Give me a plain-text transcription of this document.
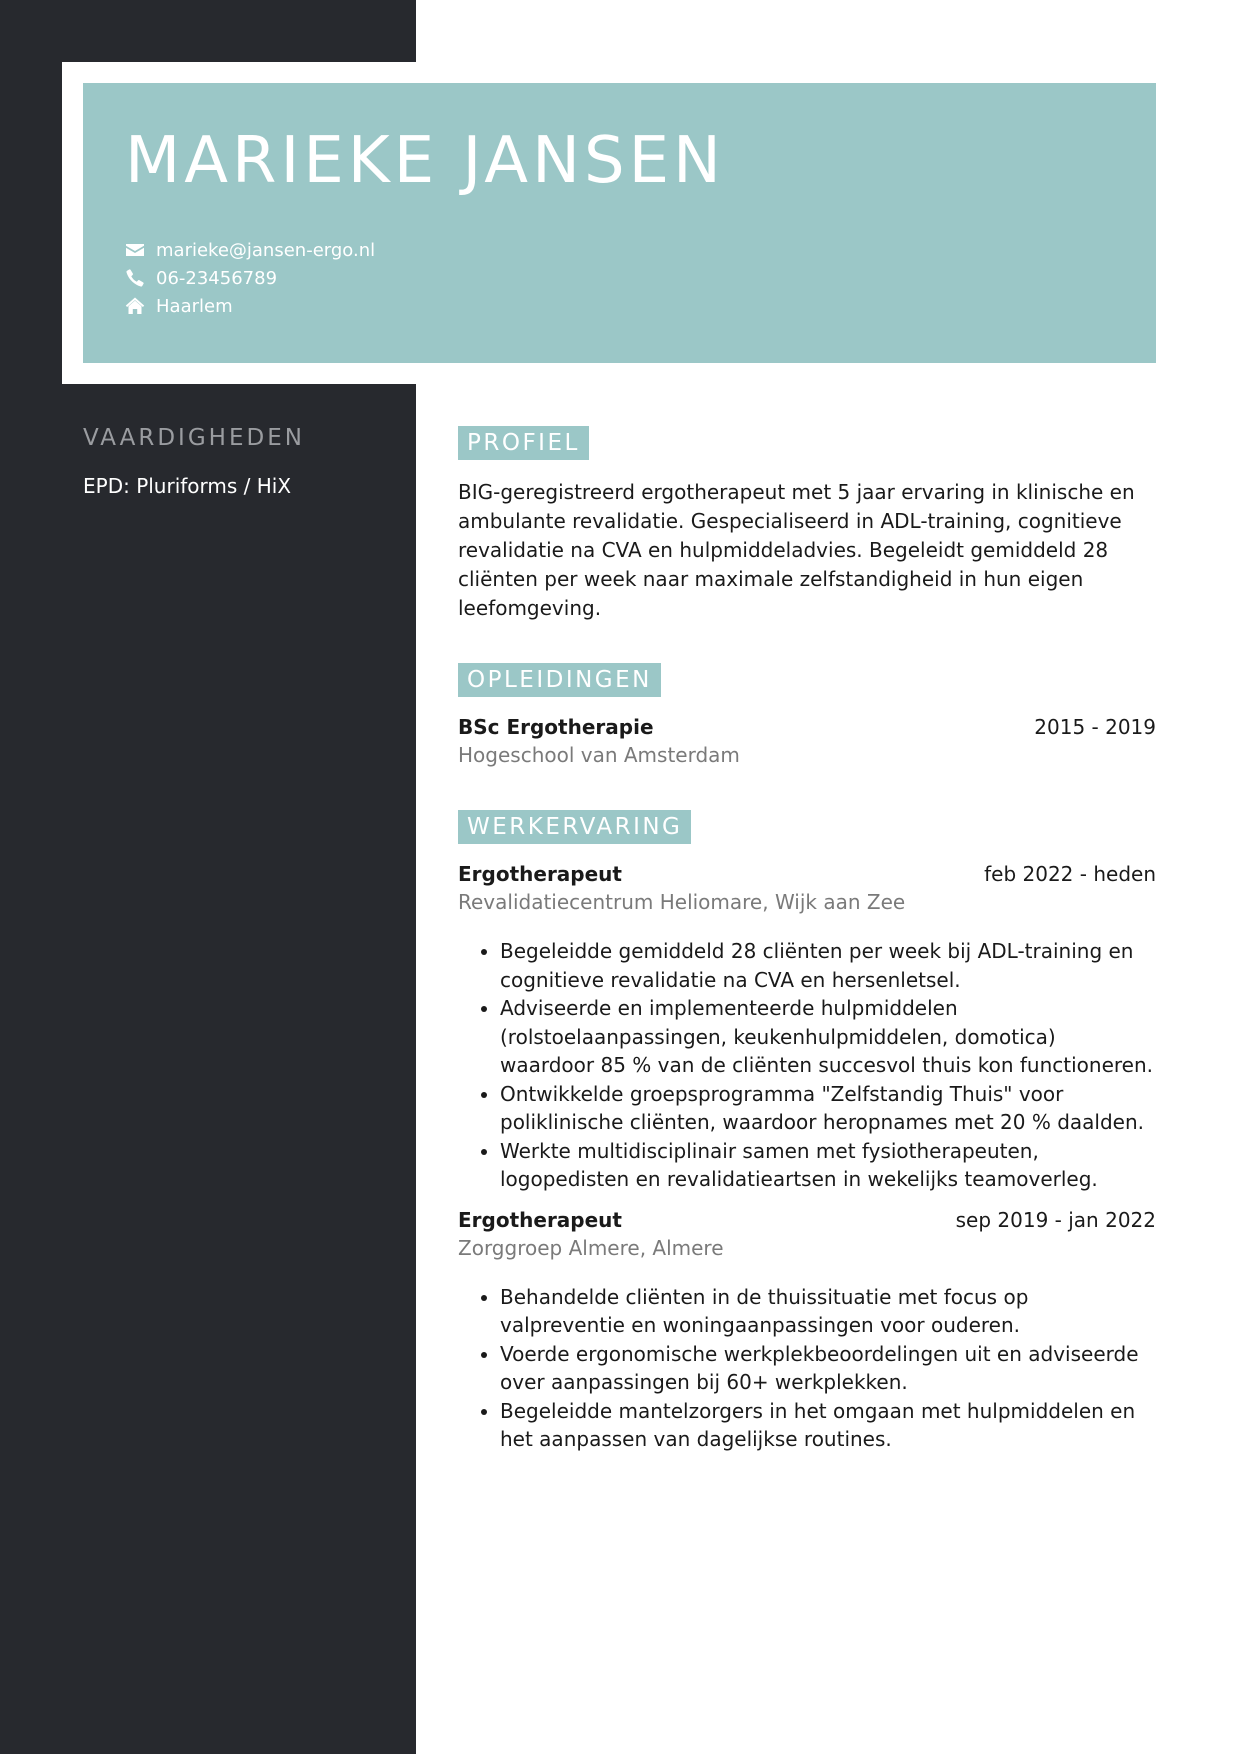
MARIEKE JANSEN
marieke@jansen-ergo.nl
06-23456789
Haarlem
VAARDIGHEDEN
EPD: Pluriforms / HiX
PROFIEL
BIG-geregistreerd ergotherapeut met 5 jaar ervaring in klinische en ambulante revalidatie. Gespecialiseerd in ADL-training, cognitieve revalidatie na CVA en hulpmiddeladvies. Begeleidt gemiddeld 28 cliënten per week naar maximale zelfstandigheid in hun eigen leefomgeving.
OPLEIDINGEN
BSc Ergotherapie	2015 - 2019
Hogeschool van Amsterdam
WERKERVARING
Ergotherapeut	feb 2022 - heden
Revalidatiecentrum Heliomare, Wijk aan Zee
• Begeleidde gemiddeld 28 cliënten per week bij ADL-training en cognitieve revalidatie na CVA en hersenletsel.
• Adviseerde en implementeerde hulpmiddelen (rolstoelaanpassingen, keukenhulpmiddelen, domotica) waardoor 85 % van de cliënten succesvol thuis kon functioneren.
• Ontwikkelde groepsprogramma "Zelfstandig Thuis" voor poliklinische cliënten, waardoor heropnames met 20 % daalden.
• Werkte multidisciplinair samen met fysiotherapeuten, logopedisten en revalidatieartsen in wekelijks teamoverleg.
Ergotherapeut	sep 2019 - jan 2022
Zorggroep Almere, Almere
• Behandelde cliënten in de thuissituatie met focus op valpreventie en woningaanpassingen voor ouderen.
• Voerde ergonomische werkplekbeoordelingen uit en adviseerde over aanpassingen bij 60+ werkplekken.
• Begeleidde mantelzorgers in het omgaan met hulpmiddelen en het aanpassen van dagelijkse routines.
